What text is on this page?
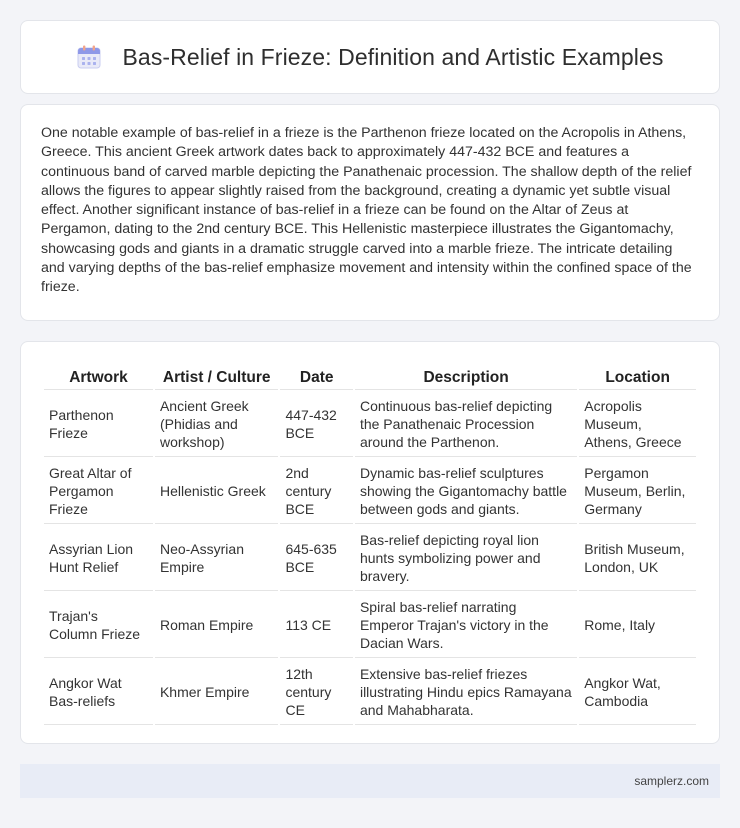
Bas-Relief in Frieze: Definition and Artistic Examples

One notable example of bas-relief in a frieze is the Parthenon frieze located on the Acropolis in Athens, Greece. This ancient Greek artwork dates back to approximately 447-432 BCE and features a continuous band of carved marble depicting the Panathenaic procession. The shallow depth of the relief allows the figures to appear slightly raised from the background, creating a dynamic yet subtle visual effect. Another significant instance of bas-relief in a frieze can be found on the Altar of Zeus at Pergamon, dating to the 2nd century BCE. This Hellenistic masterpiece illustrates the Gigantomachy, showcasing gods and giants in a dramatic struggle carved into a marble frieze. The intricate detailing and varying depths of the bas-relief emphasize movement and intensity within the confined space of the frieze.

Artwork	Artist / Culture	Date	Description	Location
Parthenon Frieze	Ancient Greek (Phidias and workshop)	447-432 BCE	Continuous bas-relief depicting the Panathenaic Procession around the Parthenon.	Acropolis Museum, Athens, Greece
Great Altar of Pergamon Frieze	Hellenistic Greek	2nd century BCE	Dynamic bas-relief sculptures showing the Gigantomachy battle between gods and giants.	Pergamon Museum, Berlin, Germany
Assyrian Lion Hunt Relief	Neo-Assyrian Empire	645-635 BCE	Bas-relief depicting royal lion hunts symbolizing power and bravery.	British Museum, London, UK
Trajan's Column Frieze	Roman Empire	113 CE	Spiral bas-relief narrating Emperor Trajan's victory in the Dacian Wars.	Rome, Italy
Angkor Wat Bas-reliefs	Khmer Empire	12th century CE	Extensive bas-relief friezes illustrating Hindu epics Ramayana and Mahabharata.	Angkor Wat, Cambodia
samplerz.com
